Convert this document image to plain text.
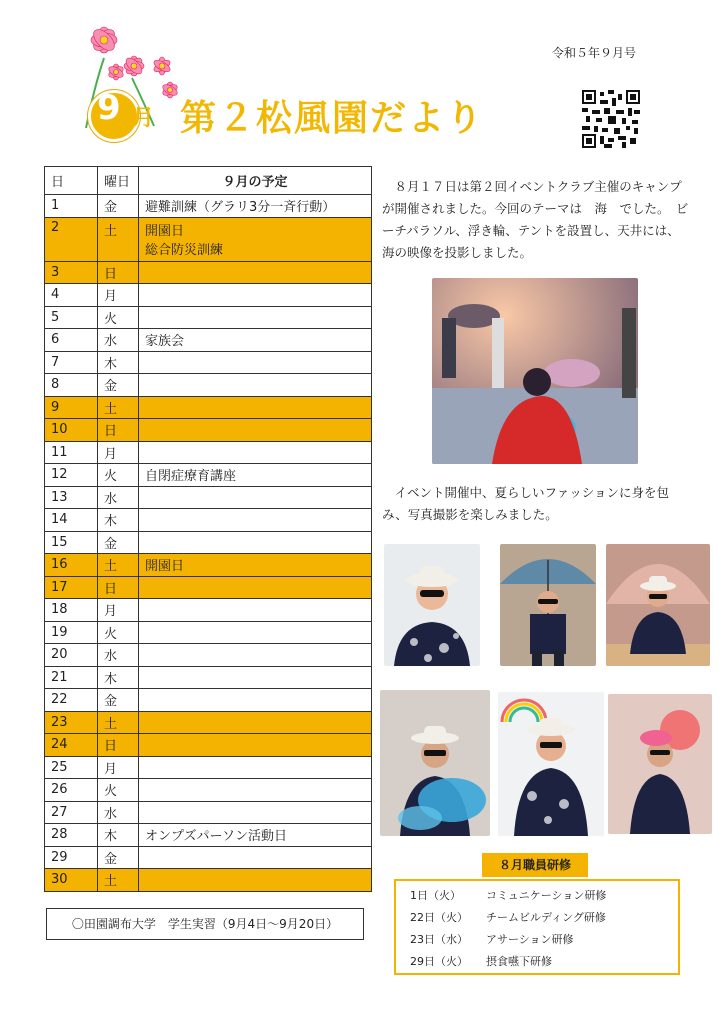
令和５年９月号
9 月 第２松風園だより
日	曜日	９月の予定
1	金	避難訓練（グラリ3分一斉行動）
2	土	開園日
総合防災訓練

3	日	
4	月	
5	火	
6	水	家族会
7	木	
8	金	
9	土	
10	日	
11	月	
12	火	自閉症療育講座
13	水	
14	木	
15	金	
16	土	開園日
17	日	
18	月	
19	火	
20	水	
21	木	
22	金	
23	土	
24	日	
25	月	
26	火	
27	水	
28	木	オンプズパーソン活動日
29	金	
30	土	
〇田園調布大学　学生実習（9月4日～9月20日）
　８月１７日は第２回イベントクラブ主催のキャンプが開催されました。今回のテーマは　海　でした。　ビーチパラソル、浮き輪、テントを設置し、天井には、海の映像を投影しました。
　イベント開催中、夏らしいファッションに身を包み、写真撮影を楽しみました。
８月職員研修
1日（火） コミュニケーション研修
22日（火） チームビルディング研修
23日（水） アサーション研修
29日（火） 摂食嚥下研修
